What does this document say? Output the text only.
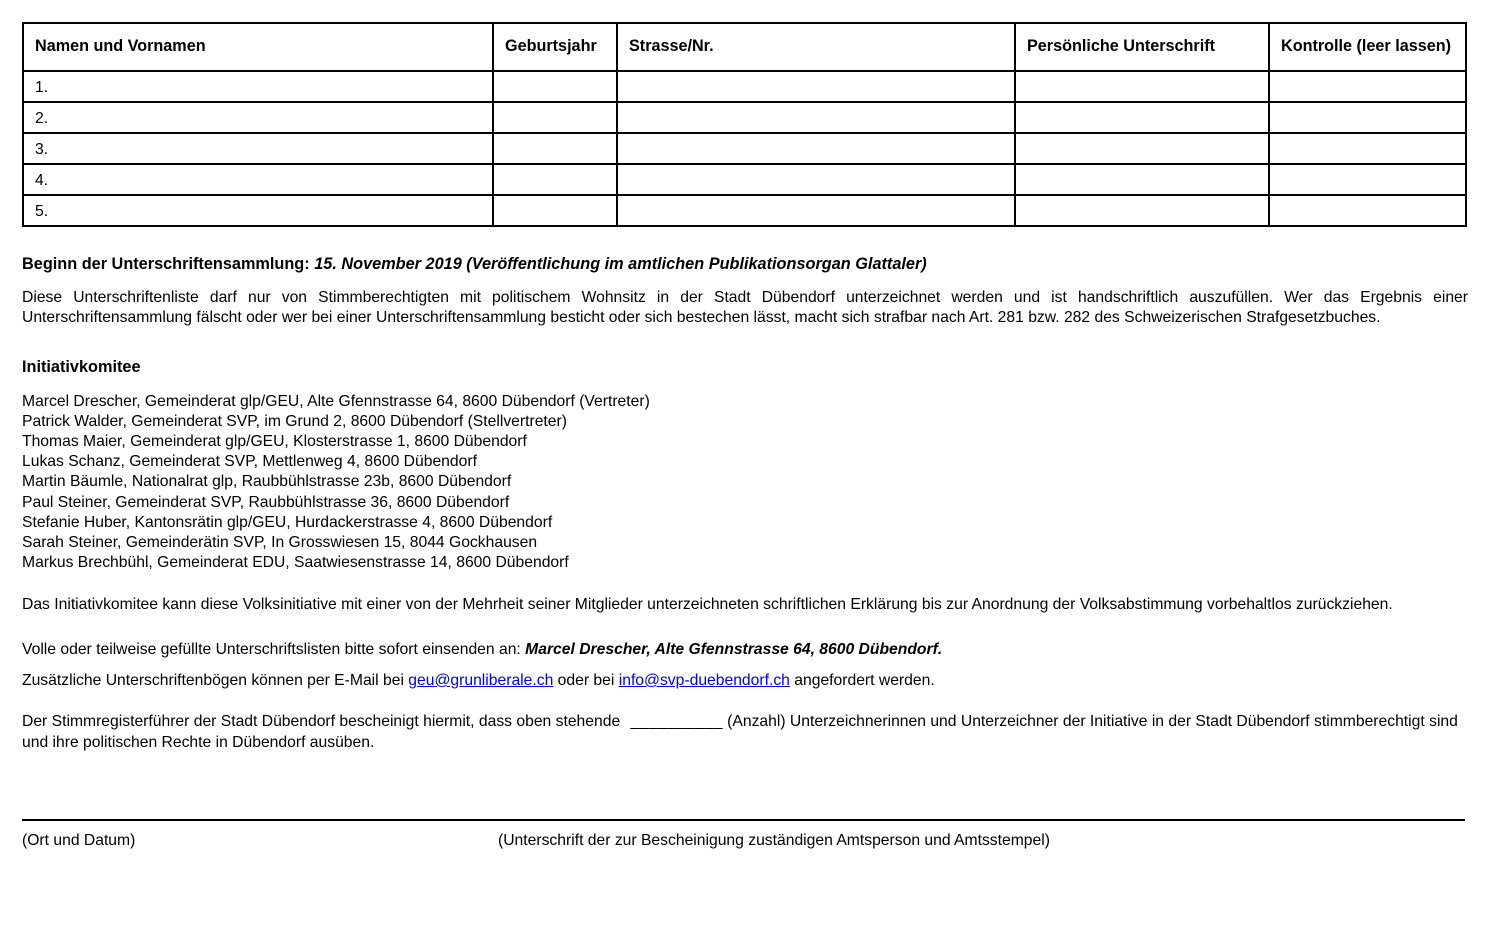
Namen und Vornamen	Geburtsjahr	Strasse/Nr.	Persönliche Unterschrift	Kontrolle (leer lassen)
1.				
2.				
3.				
4.				
5.				
Beginn der Unterschriftensammlung: 15. November 2019 (Veröffentlichung im amtlichen Publikationsorgan Glattaler)

Diese Unterschriftenliste darf nur von Stimmberechtigten mit politischem Wohnsitz in der Stadt Dübendorf unterzeichnet werden und ist handschriftlich auszufüllen. Wer das Ergebnis einer Unterschriftensammlung fälscht oder wer bei einer Unterschriftensammlung besticht oder sich bestechen lässt, macht sich strafbar nach Art. 281 bzw. 282 des Schweizerischen Strafgesetzbuches.

Initiativkomitee
Marcel Drescher, Gemeinderat glp/GEU, Alte Gfennstrasse 64, 8600 Dübendorf (Vertreter)
Patrick Walder, Gemeinderat SVP, im Grund 2, 8600 Dübendorf (Stellvertreter)
Thomas Maier, Gemeinderat glp/GEU, Klosterstrasse 1, 8600 Dübendorf
Lukas Schanz, Gemeinderat SVP, Mettlenweg 4, 8600 Dübendorf
Martin Bäumle, Nationalrat glp, Raubbühlstrasse 23b, 8600 Dübendorf
Paul Steiner, Gemeinderat SVP, Raubbühlstrasse 36, 8600 Dübendorf
Stefanie Huber, Kantonsrätin glp/GEU, Hurdackerstrasse 4, 8600 Dübendorf
Sarah Steiner, Gemeinderätin SVP, In Grosswiesen 15, 8044 Gockhausen
Markus Brechbühl, Gemeinderat EDU, Saatwiesenstrasse 14, 8600 Dübendorf

Das Initiativkomitee kann diese Volksinitiative mit einer von der Mehrheit seiner Mitglieder unterzeichneten schriftlichen Erklärung bis zur Anordnung der Volksabstimmung vorbehaltlos zurückziehen.

Volle oder teilweise gefüllte Unterschriftslisten bitte sofort einsenden an: Marcel Drescher, Alte Gfennstrasse 64, 8600 Dübendorf.

Zusätzliche Unterschriftenbögen können per E-Mail bei geu@grunliberale.ch oder bei info@svp-duebendorf.ch angefordert werden.

Der Stimmregisterführer der Stadt Dübendorf bescheinigt hiermit, dass oben stehende __________ (Anzahl) Unterzeichnerinnen und Unterzeichner der Initiative in der Stadt Dübendorf stimmberechtigt sind und ihre politischen Rechte in Dübendorf ausüben.

(Ort und Datum)	(Unterschrift der zur Bescheinigung zuständigen Amtsperson und Amtsstempel)
